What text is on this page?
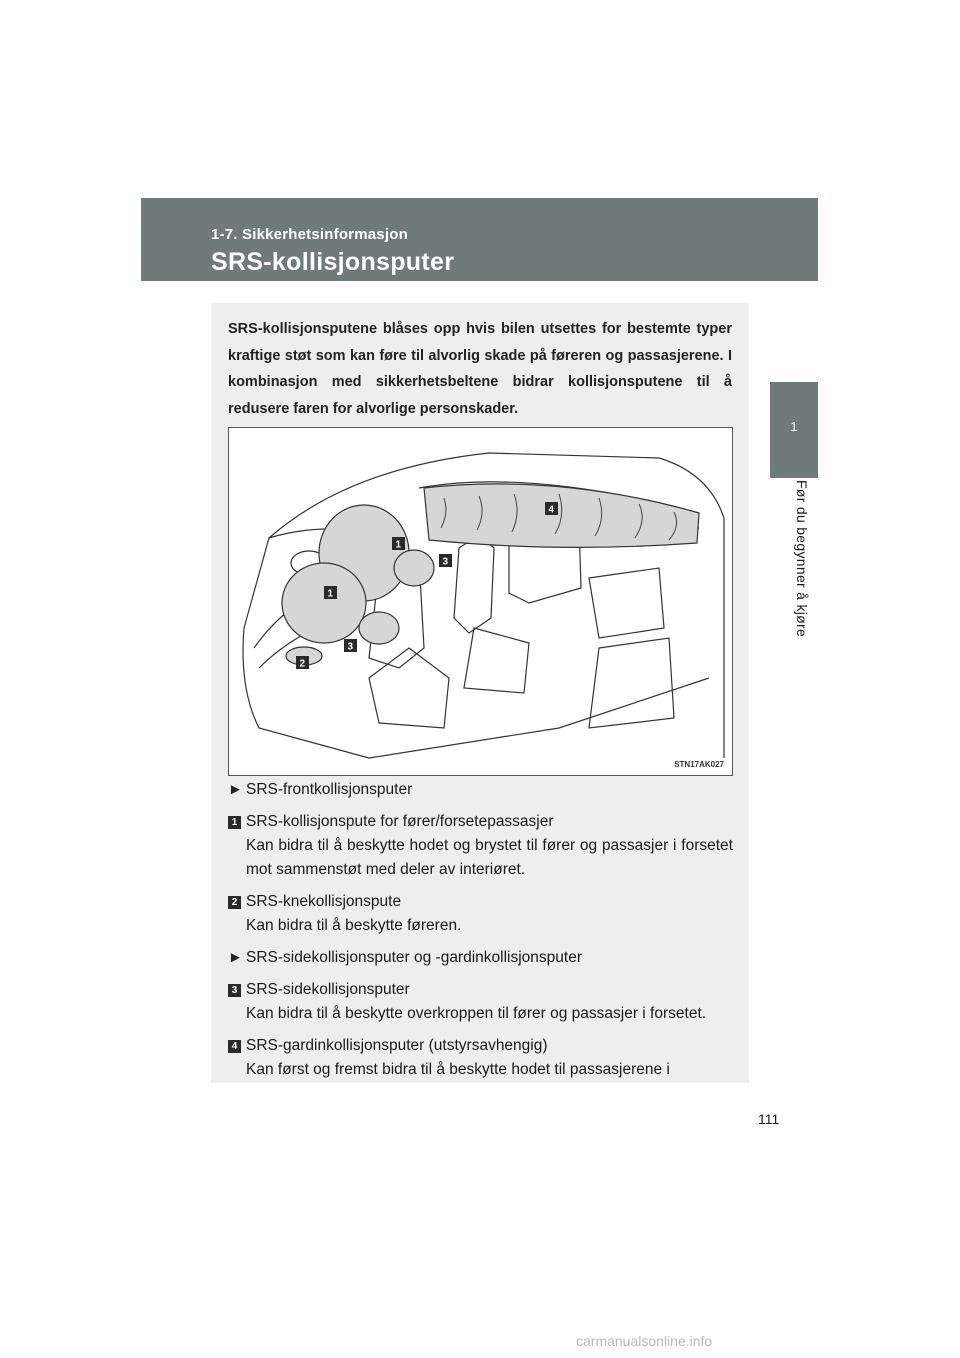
1-7. Sikkerhetsinformasjon
SRS-kollisjonsputer
1
Før du begynner å kjøre
SRS-kollisjonsputene blåses opp hvis bilen utsettes for bestemte typer kraftige støt som kan føre til alvorlig skade på føreren og passasjerene. I kombinasjon med sikkerhetsbeltene bidrar kollisjonsputene til å redusere faren for alvorlige personskader.
1
1
3
3
2
4
STN17AK027
► SRS-frontkollisjonsputer
1 SRS-kollisjonspute for fører/forsetepassasjer
Kan bidra til å beskytte hodet og brystet til fører og passasjer i forsetet mot sammenstøt med deler av interiøret.
2 SRS-knekollisjonspute
Kan bidra til å beskytte føreren.
► SRS-sidekollisjonsputer og -gardinkollisjonsputer
3 SRS-sidekollisjonsputer
Kan bidra til å beskytte overkroppen til fører og passasjer i forsetet.
4 SRS-gardinkollisjonsputer (utstyrsavhengig)
Kan først og fremst bidra til å beskytte hodet til passasjerene i
111
carmanualsonline.info
